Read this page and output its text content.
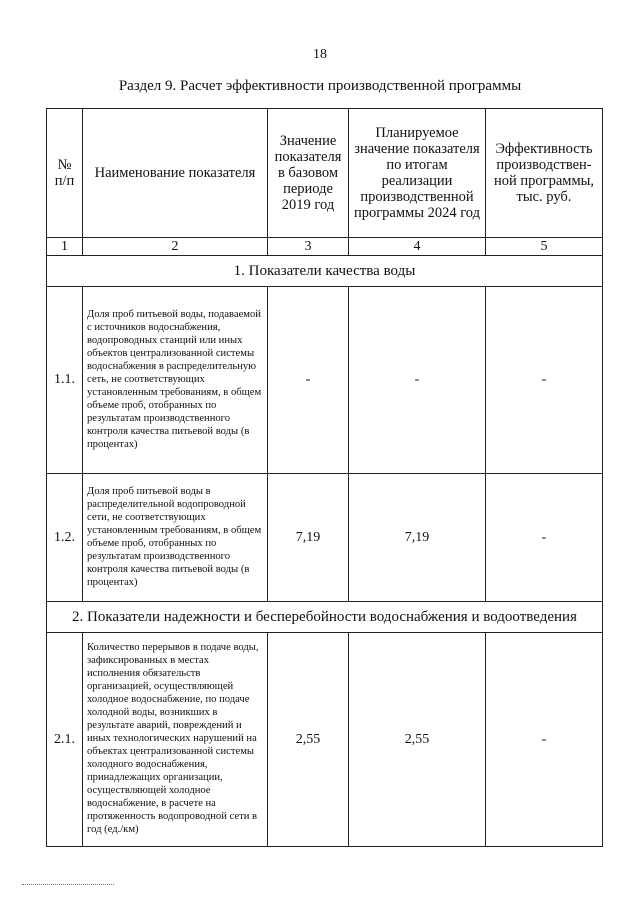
18
Раздел 9. Расчет эффективности производственной программы
№ п/п	Наименование показателя	Значение показателя в базовом периоде 2019 год	Планируемое значение показателя по итогам реализации производственной программы 2024 год	Эффективность производствен-ной программы, тыс. руб.
1	2	3	4	5
1. Показатели качества воды				
1.1.	Доля проб питьевой воды, подаваемой с источников водоснабжения, водопроводных станций или иных объектов централизованной системы водоснабжения в распределительную сеть, не соответствующих установленным требованиям, в общем объеме проб, отобранных по результатам производственного контроля качества питьевой воды (в процентах)	-	-	-
1.2.	Доля проб питьевой воды в распределительной водопроводной сети, не соответствующих установленным требованиям, в общем объеме проб, отобранных по результатам производственного контроля качества питьевой воды (в процентах)	7,19	7,19	-
2. Показатели надежности и бесперебойности водоснабжения и водоотведения				
2.1.	Количество перерывов в подаче воды, зафиксированных в местах исполнения обязательств организацией, осуществляющей холодное водоснабжение, по подаче холодной воды, возникших в результате аварий, повреждений и иных технологических нарушений на объектах централизованной системы холодного водоснабжения, принадлежащих организации, осуществляющей холодное водоснабжение, в расчете на протяженность водопроводной сети в год (ед./км)	2,55	2,55	-
